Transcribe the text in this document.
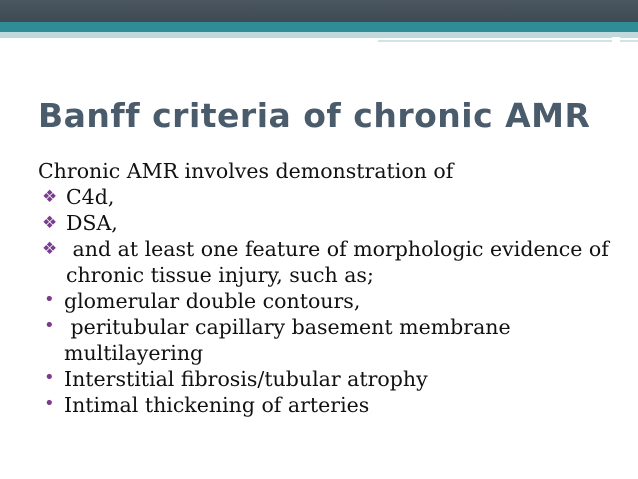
Banff criteria of chronic AMR

Chronic AMR involves demonstration of

❖ C4d,
❖ DSA,
❖ and at least one feature of morphologic evidence of chronic tissue injury, such as;
• glomerular double contours,
• peritubular capillary basement membrane multilayering
• Interstitial fibrosis/tubular atrophy
• Intimal thickening of arteries
